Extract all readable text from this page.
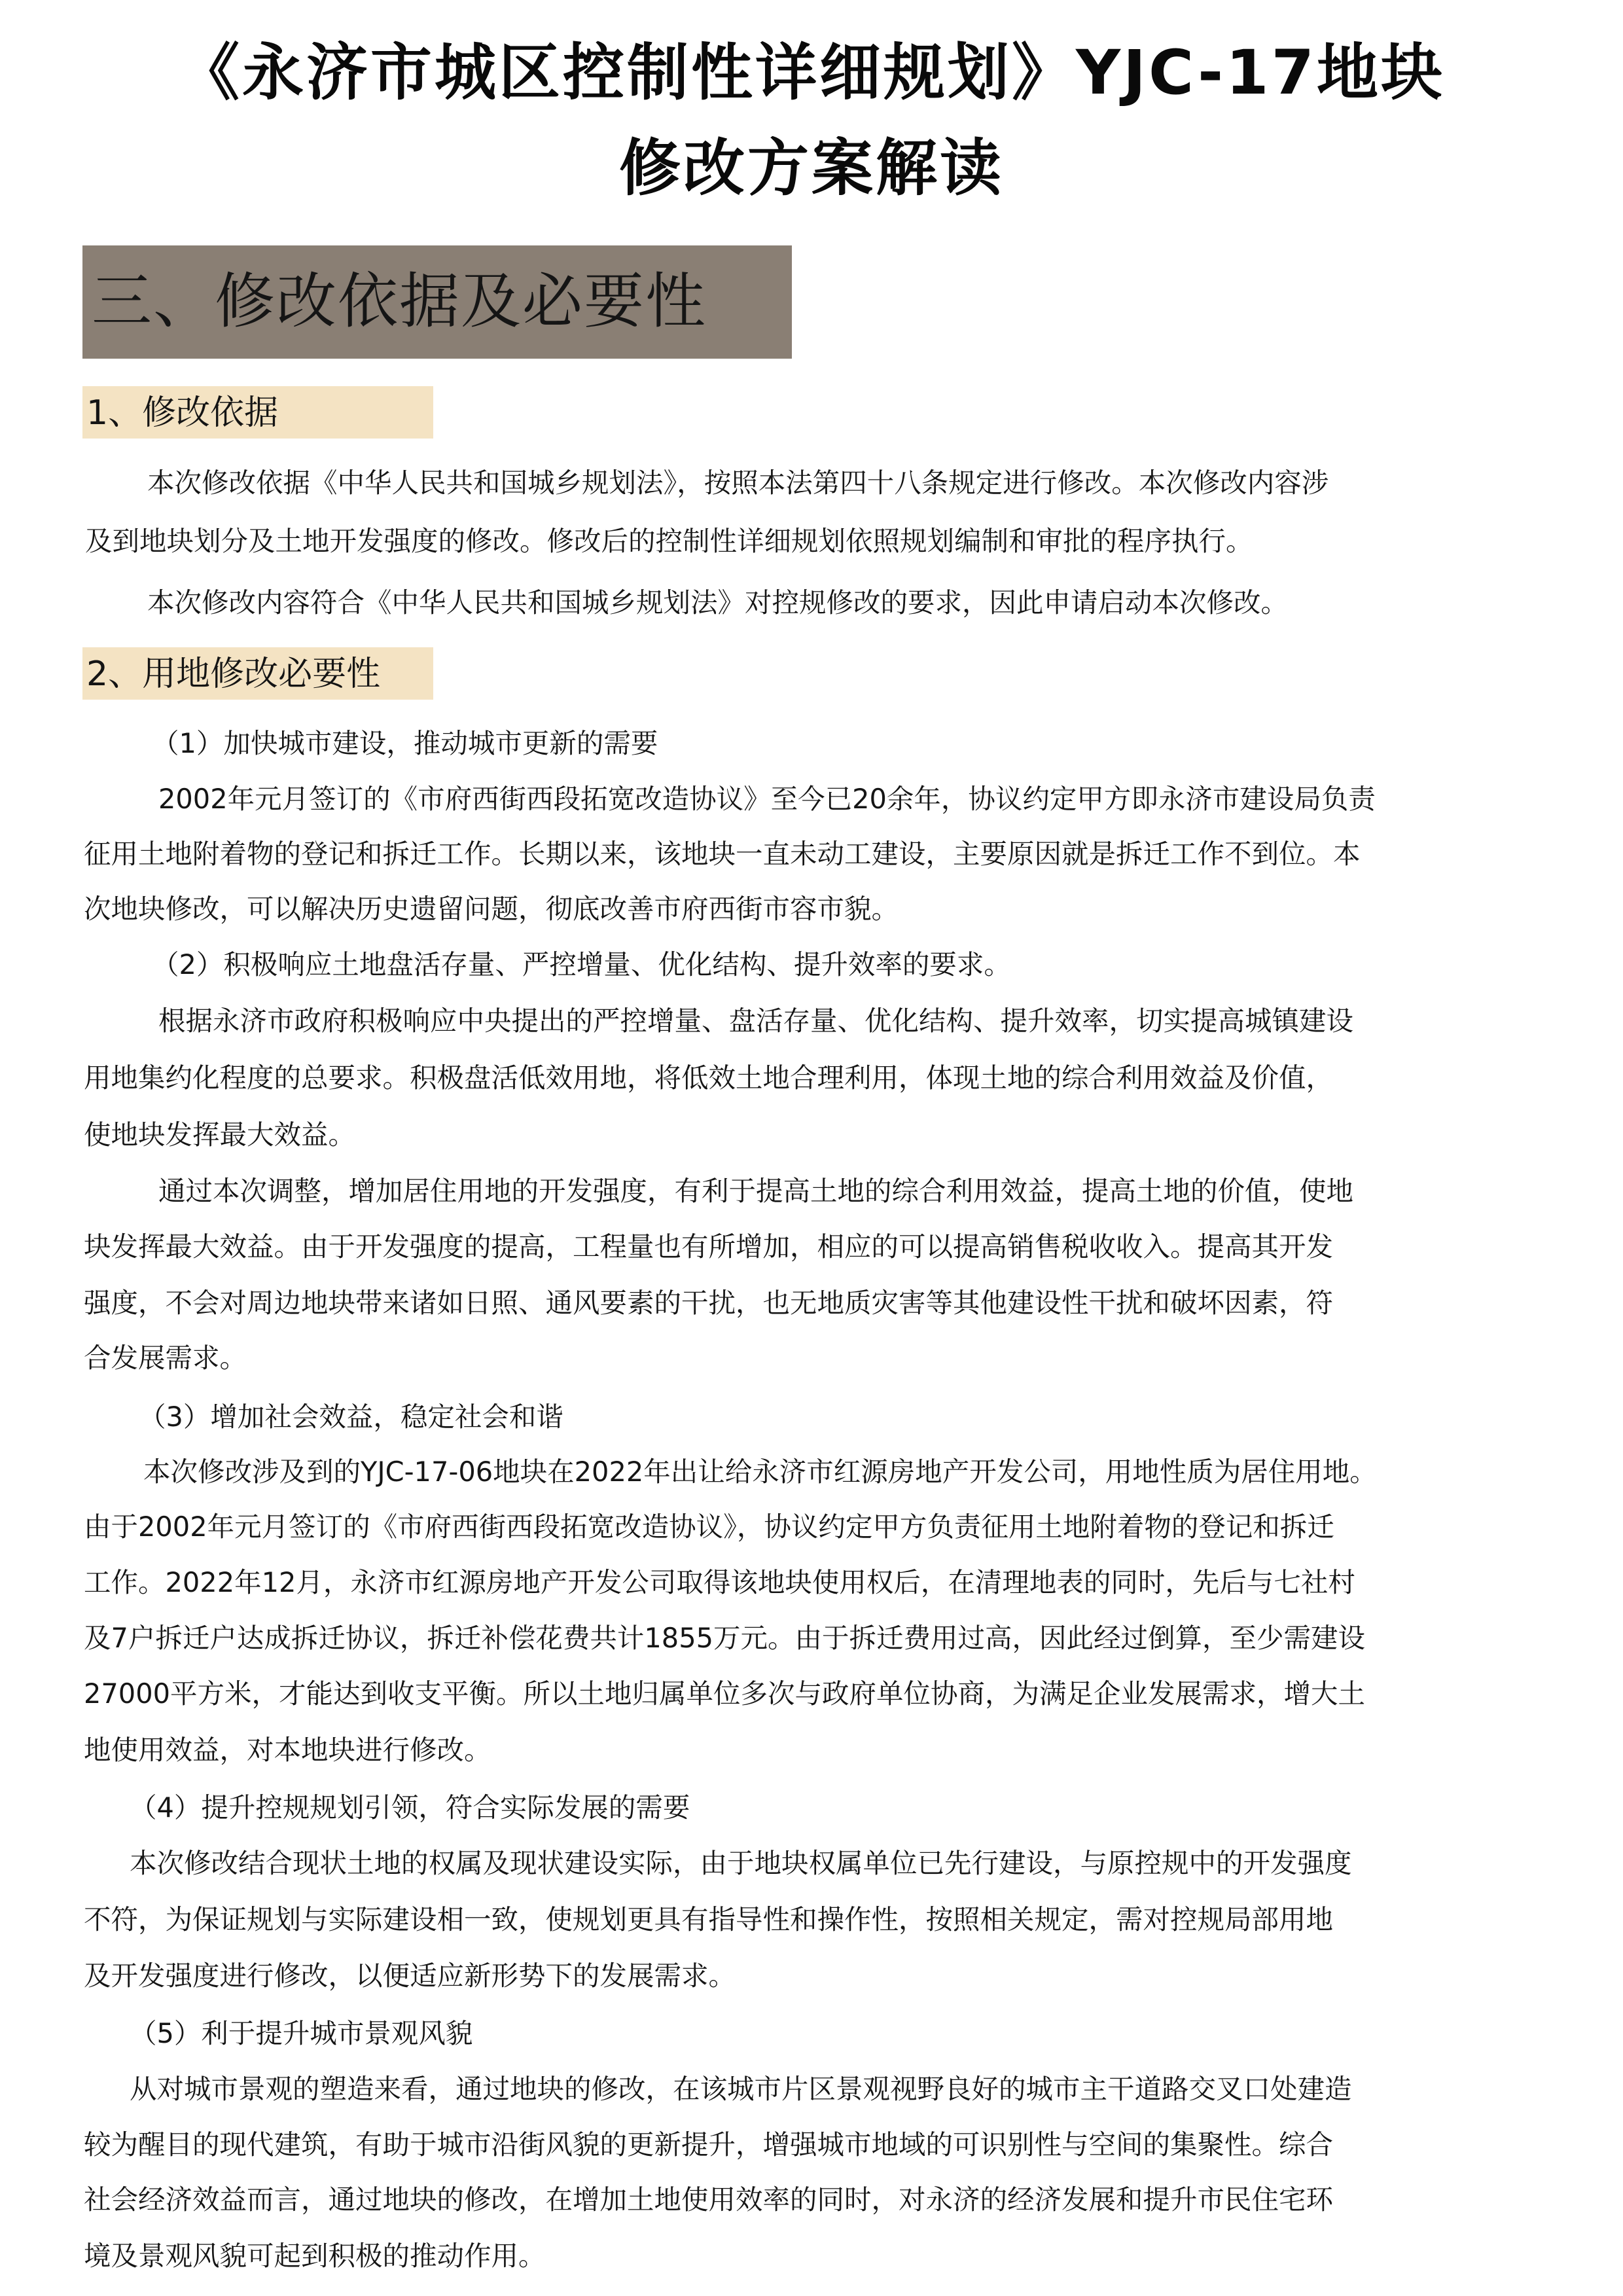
《永济市城区控制性详细规划》YJC-17地块
修改方案解读
三、修改依据及必要性
1、修改依据
本次修改依据《中华人民共和国城乡规划法》，按照本法第四十八条规定进行修改。本次修改内容涉
及到地块划分及土地开发强度的修改。修改后的控制性详细规划依照规划编制和审批的程序执行。
本次修改内容符合《中华人民共和国城乡规划法》对控规修改的要求，因此申请启动本次修改。
2、用地修改必要性
（1）加快城市建设，推动城市更新的需要
2002年元月签订的《市府西街西段拓宽改造协议》至今已20余年，协议约定甲方即永济市建设局负责
征用土地附着物的登记和拆迁工作。长期以来，该地块一直未动工建设，主要原因就是拆迁工作不到位。本
次地块修改，可以解决历史遗留问题，彻底改善市府西街市容市貌。
（2）积极响应土地盘活存量、严控增量、优化结构、提升效率的要求。
根据永济市政府积极响应中央提出的严控增量、盘活存量、优化结构、提升效率，切实提高城镇建设
用地集约化程度的总要求。积极盘活低效用地，将低效土地合理利用，体现土地的综合利用效益及价值，
使地块发挥最大效益。
通过本次调整，增加居住用地的开发强度，有利于提高土地的综合利用效益，提高土地的价值，使地
块发挥最大效益。由于开发强度的提高，工程量也有所增加，相应的可以提高销售税收收入。提高其开发
强度，不会对周边地块带来诸如日照、通风要素的干扰，也无地质灾害等其他建设性干扰和破坏因素，符
合发展需求。
（3）增加社会效益，稳定社会和谐
本次修改涉及到的YJC-17-06地块在2022年出让给永济市红源房地产开发公司，用地性质为居住用地。
由于2002年元月签订的《市府西街西段拓宽改造协议》，协议约定甲方负责征用土地附着物的登记和拆迁
工作。2022年12月，永济市红源房地产开发公司取得该地块使用权后，在清理地表的同时，先后与七社村
及7户拆迁户达成拆迁协议，拆迁补偿花费共计1855万元。由于拆迁费用过高，因此经过倒算，至少需建设
27000平方米，才能达到收支平衡。所以土地归属单位多次与政府单位协商，为满足企业发展需求，增大土
地使用效益，对本地块进行修改。
（4）提升控规规划引领，符合实际发展的需要
本次修改结合现状土地的权属及现状建设实际，由于地块权属单位已先行建设，与原控规中的开发强度
不符，为保证规划与实际建设相一致，使规划更具有指导性和操作性，按照相关规定，需对控规局部用地
及开发强度进行修改，以便适应新形势下的发展需求。
（5）利于提升城市景观风貌
从对城市景观的塑造来看，通过地块的修改，在该城市片区景观视野良好的城市主干道路交叉口处建造
较为醒目的现代建筑，有助于城市沿街风貌的更新提升，增强城市地域的可识别性与空间的集聚性。综合
社会经济效益而言，通过地块的修改，在增加土地使用效率的同时，对永济的经济发展和提升市民住宅环
境及景观风貌可起到积极的推动作用。
